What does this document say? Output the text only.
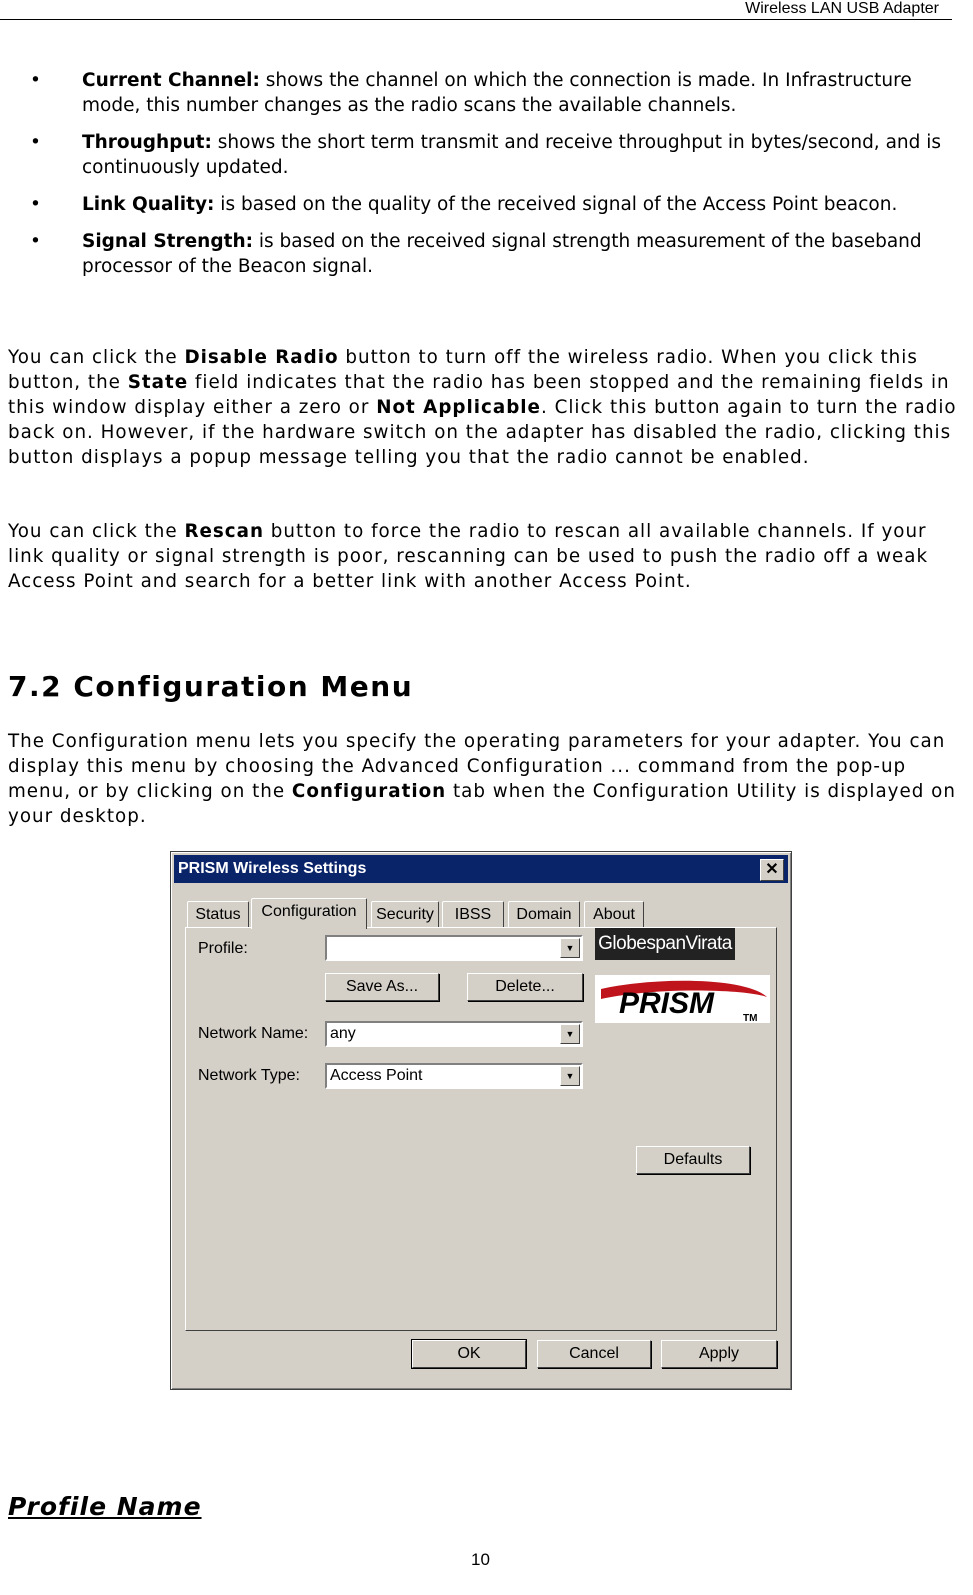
Wireless LAN USB Adapter
• Current Channel: shows the channel on which the connection is made. In Infrastructure mode, this number changes as the radio scans the available channels.
• Throughput: shows the short term transmit and receive throughput in bytes/second, and is continuously updated.
• Link Quality: is based on the quality of the received signal of the Access Point beacon.
• Signal Strength: is based on the received signal strength measurement of the baseband processor of the Beacon signal.
You can click the Disable Radio button to turn off the wireless radio. When you click this button, the State field indicates that the radio has been stopped and the remaining fields in this window display either a zero or Not Applicable. Click this button again to turn the radio back on. However, if the hardware switch on the adapter has disabled the radio, clicking this button displays a popup message telling you that the radio cannot be enabled.
You can click the Rescan button to force the radio to rescan all available channels. If your link quality or signal strength is poor, rescanning can be used to push the radio off a weak Access Point and search for a better link with another Access Point.
7.2 Configuration Menu
The Configuration menu lets you specify the operating parameters for your adapter. You can display this menu by choosing the Advanced Configuration ... command from the pop-up menu, or by clicking on the Configuration tab when the Configuration Utility is displayed on your desktop.
PRISM Wireless Settings	✕
Status	Configuration	Security	IBSS	Domain	About
Profile:	▼
Save As...	Delete...
Network Name: any	▼
Network Type: Access Point	▼
Defaults
OK	Cancel	Apply
GlobespanVirata
PRISM	TM
Profile Name
10
